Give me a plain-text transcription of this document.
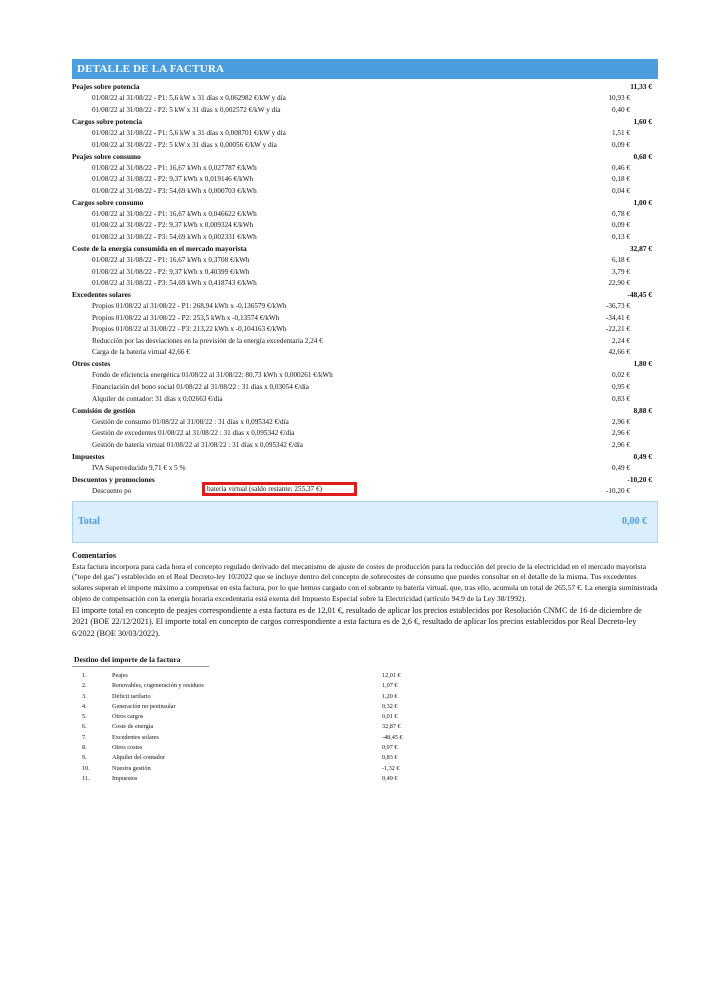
DETALLE DE LA FACTURA
Peajes sobre potencia	11,33 €
01/08/22 al 31/08/22 - P1: 5,6 kW x 31 días x 0,062982 €/kW y día	10,93 €
01/08/22 al 31/08/22 - P2: 5 kW x 31 días x 0,002572 €/kW y día	0,40 €
Cargos sobre potencia	1,60 €
01/08/22 al 31/08/22 - P1: 5,6 kW x 31 días x 0,008701 €/kW y día	1,51 €
01/08/22 al 31/08/22 - P2: 5 kW x 31 días x 0,00056 €/kW y día	0,09 €
Peajes sobre consumo	0,68 €
01/08/22 al 31/08/22 - P1: 16,67 kWh x 0,027787 €/kWh	0,46 €
01/08/22 al 31/08/22 - P2: 9,37 kWh x 0,019146 €/kWh	0,18 €
01/08/22 al 31/08/22 - P3: 54,69 kWh x 0,000703 €/kWh	0,04 €
Cargos sobre consumo	1,00 €
01/08/22 al 31/08/22 - P1: 16,67 kWh x 0,046622 €/kWh	0,78 €
01/08/22 al 31/08/22 - P2: 9,37 kWh x 0,009324 €/kWh	0,09 €
01/08/22 al 31/08/22 - P3: 54,69 kWh x 0,002331 €/kWh	0,13 €
Coste de la energía consumida en el mercado mayorista	32,87 €
01/08/22 al 31/08/22 - P1: 16,67 kWh x 0,3708 €/kWh	6,18 €
01/08/22 al 31/08/22 - P2: 9,37 kWh x 0,40399 €/kWh	3,79 €
01/08/22 al 31/08/22 - P3: 54,69 kWh x 0,418743 €/kWh	22,90 €
Excedentes solares	-48,45 €
Propios 01/08/22 al 31/08/22 - P1: 268,94 kWh x -0,136579 €/kWh	-36,73 €
Propios 01/08/22 al 31/08/22 - P2: 253,5 kWh x -0,13574 €/kWh	-34,41 €
Propios 01/08/22 al 31/08/22 - P3: 213,22 kWh x -0,104163 €/kWh	-22,21 €
Reducción por las desviaciones en la previsión de la energía excedentaria 2,24 €	2,24 €
Carga de la batería virtual 42,66 €	42,66 €
Otros costes	1,80 €
Fondo de eficiencia energética 01/08/22 al 31/08/22: 80,73 kWh x 0,000261 €/kWh	0,02 €
Financiación del bono social 01/08/22 al 31/08/22 : 31 días x 0,03054 €/día	0,95 €
Alquiler de contador: 31 días x 0,02663 €/día	0,83 €
Comisión de gestión	8,88 €
Gestión de consumo 01/08/22 al 31/08/22 : 31 días x 0,095342 €/día	2,96 €
Gestión de excedentes 01/08/22 al 31/08/22 : 31 días x 0,095342 €/día	2,96 €
Gestión de batería virtual 01/08/22 al 31/08/22 : 31 días x 0,095342 €/día	2,96 €
Impuestos	0,49 €
IVA Superreducido 9,71 € x 5 %	0,49 €
Descuentos y promociones	-10,20 €
Descuento po	batería virtual (saldo restante: 255,37 €)	-10,20 €
Total	0,00 €
Comentarios

Esta factura incorpora para cada hora el concepto regulado derivado del mecanismo de ajuste de costes de producción para la reducción del precio de la electricidad en el mercado mayorista ("tope del gas") establecido en el Real Decreto-ley 10/2022 que se incluye dentro del concepto de sobrecostes de consumo que puedes consultar en el detalle de la misma. Tus excedentes solares superan el importe máximo a compensar en esta factura, por lo que hemos cargado con el sobrante tu batería virtual, que, tras ello, acumula un total de 265,57 €. La energía suministrada objeto de compensación con la energía horaria excedentaria está exenta del Impuesto Especial sobre la Electricidad (artículo 94.9 de la Ley 38/1992).

El importe total en concepto de peajes correspondiente a esta factura es de 12,01 €, resultado de aplicar los precios establecidos por Resolución CNMC de 16 de diciembre de 2021 (BOE 22/12/2021). El importe total en concepto de cargos correspondiente a esta factura es de 2,6 €, resultado de aplicar los precios establecidos por Real Decreto-ley 6/2022 (BOE 30/03/2022).

Destino del importe de la factura
1.	Peajes	12,01 €
2.	Renovables, cogeneración y residuos	1,07 €
3.	Déficit tarifario	1,20 €
4.	Generación no peninsular	0,32 €
5.	Otros cargos	0,01 €
6.	Coste de energía	32,87 €
7.	Excedentes solares	-48,45 €
8.	Otros costes	0,97 €
9.	Alquiler del contador	0,83 €
10.	Nuestra gestión	-1,32 €
11.	Impuestos	0,49 €
